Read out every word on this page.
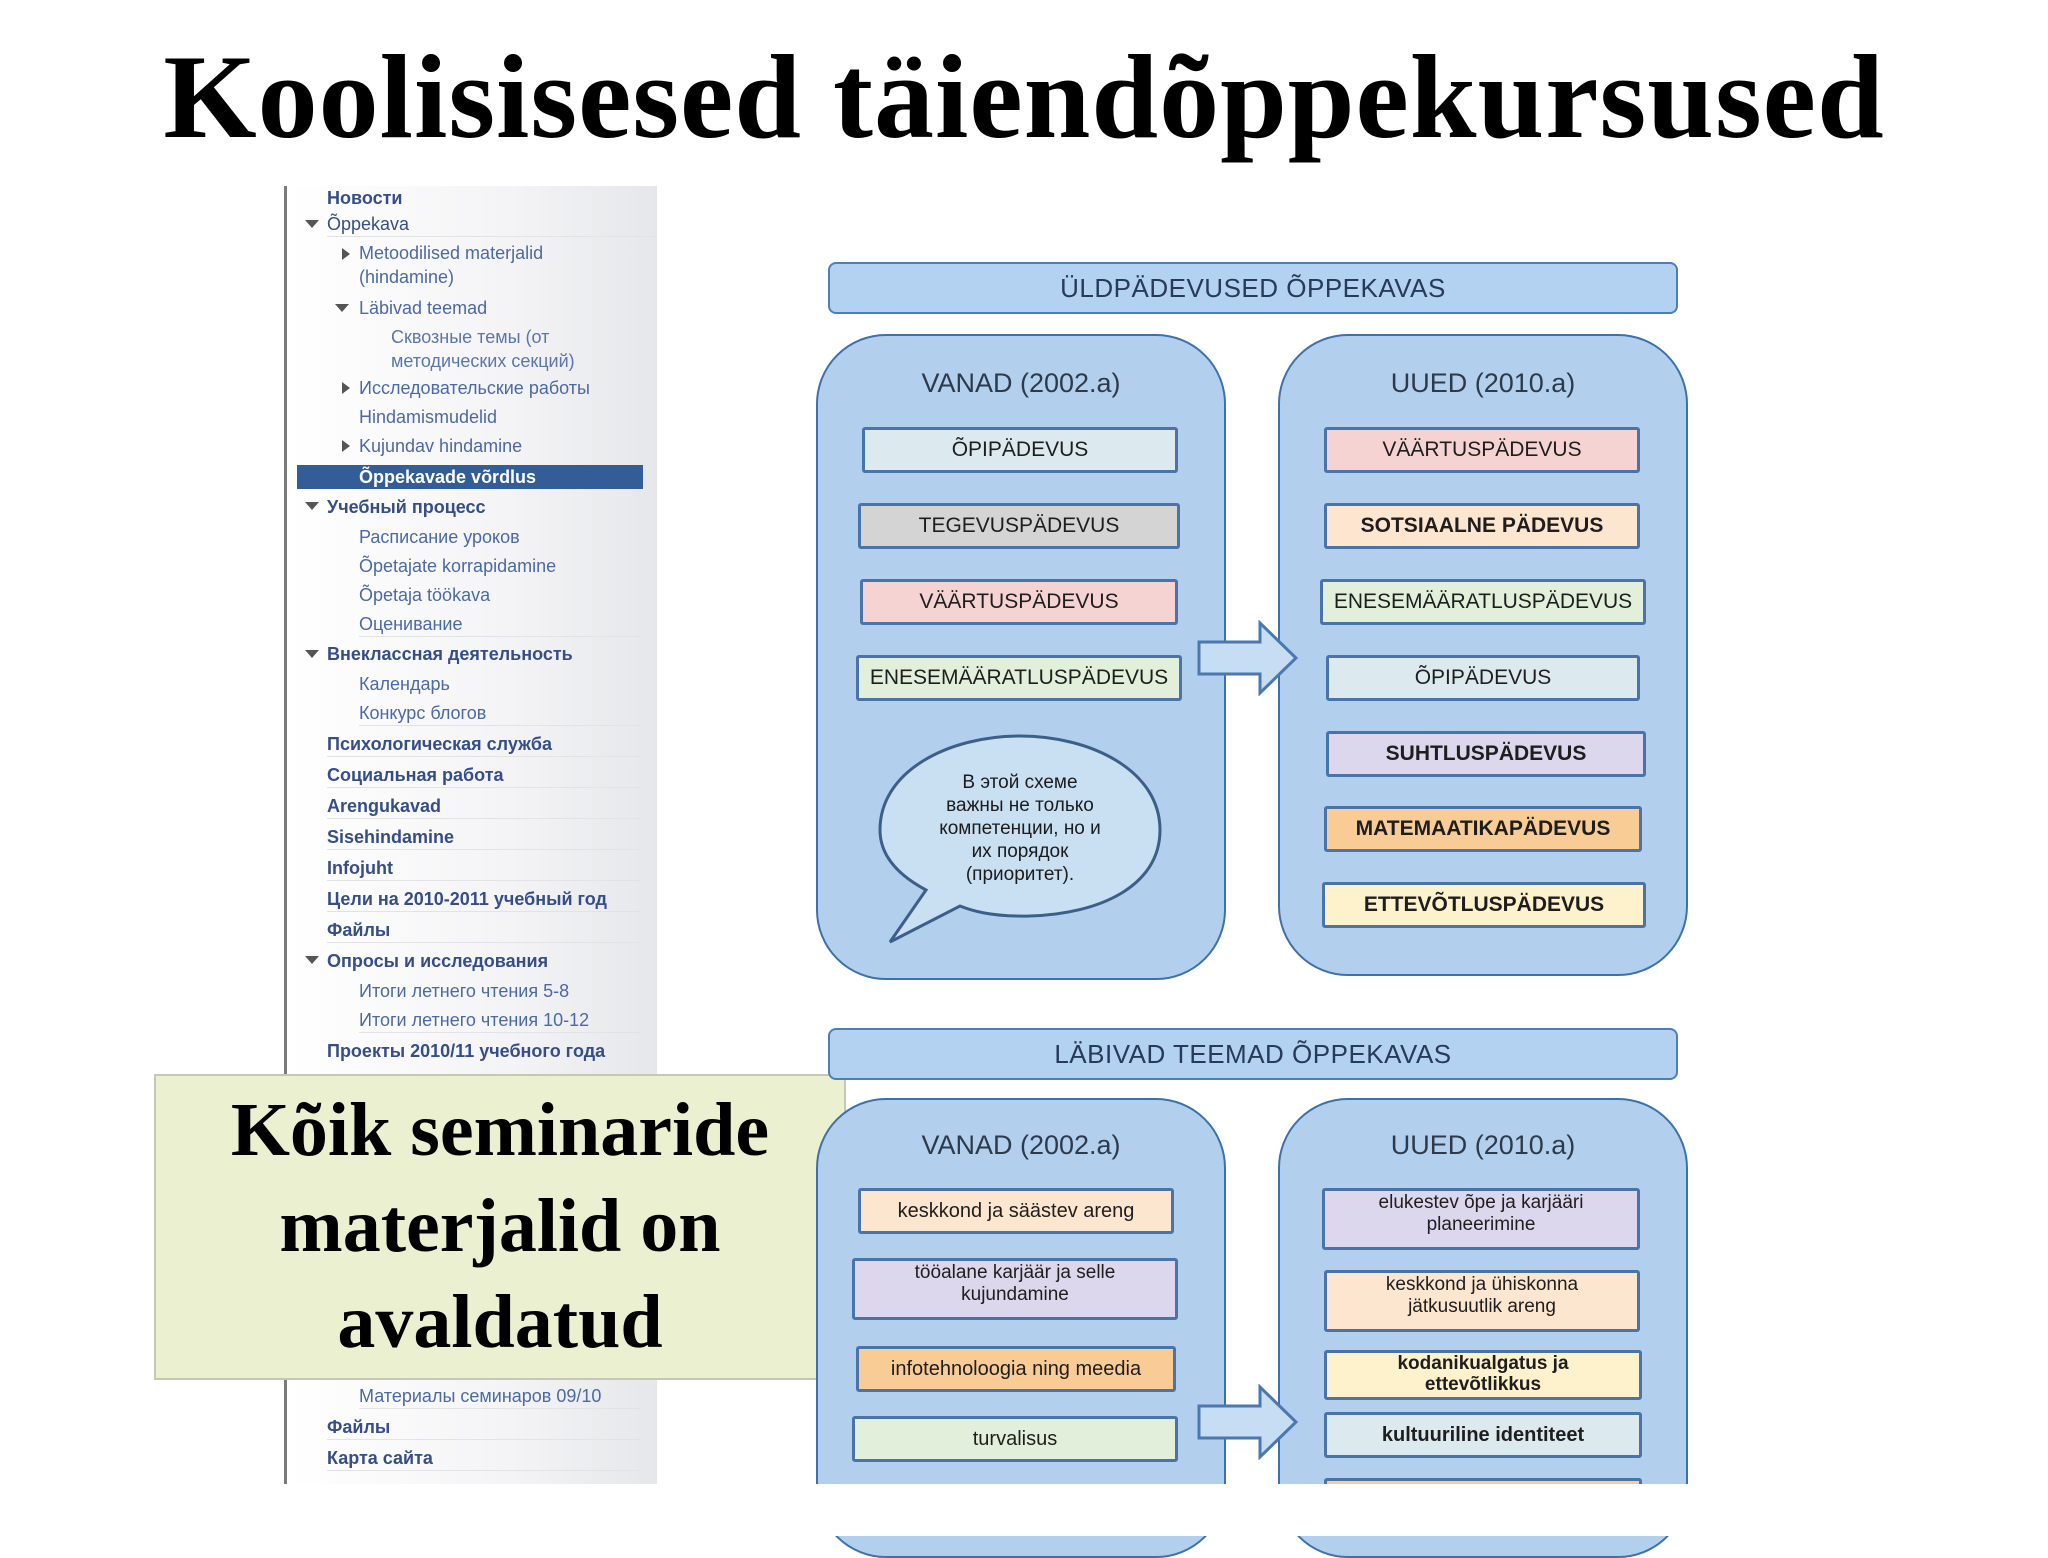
Koolisisesed täiendõppekursused
Новости
Õppekava
Metoodilised materjalid (hindamine)
Läbivad teemad
Сквозные темы (от методических секций)
Исследовательские работы
Hindamismudelid
Kujundav hindamine
Õppekavade võrdlus
Учебный процесс
Расписание уроков
Õpetajate korrapidamine
Õpetaja töökava
Оценивание
Внеклассная деятельность
Календарь
Конкурс блогов
Психологическая служба
Социальная работа
Arengukavad
Sisehindamine
Infojuht
Цели на 2010-2011 учебный год
Файлы
Опросы и исследования
Итоги летнего чтения 5-8
Итоги летнего чтения 10-12
Проекты 2010/11 учебного года
Материалы семинаров 09/10
Файлы
Карта сайта
Kõik seminaride
materjalid on
avaldatud
ÜLDPÄDEVUSED ÕPPEKAVAS
VANAD (2002.a)	UUED (2010.a)
ÕPIPÄDEVUS
TEGEVUSPÄDEVUS
VÄÄRTUSPÄDEVUS
ENESEMÄÄRATLUSPÄDEVUS
В этой схеме
важны не только
компетенции, но и
их порядок
(приоритет).
VÄÄRTUSPÄDEVUS
SOTSIAALNE PÄDEVUS
ENESEMÄÄRATLUSPÄDEVUS
ÕPIPÄDEVUS
SUHTLUSPÄDEVUS
MATEMAATIKAPÄDEVUS
ETTEVÕTLUSPÄDEVUS
LÄBIVAD TEEMAD ÕPPEKAVAS
VANAD (2002.a)	UUED (2010.a)
keskkond ja säästev areng
tööalane karjäär ja selle
kujundamine
infotehnoloogia ning meedia
turvalisus
elukestev õpe ja karjääri
planeerimine
keskkond ja ühiskonna
jätkusuutlik areng
kodanikualgatus ja
ettevõtlikkus
kultuuriline identiteet
